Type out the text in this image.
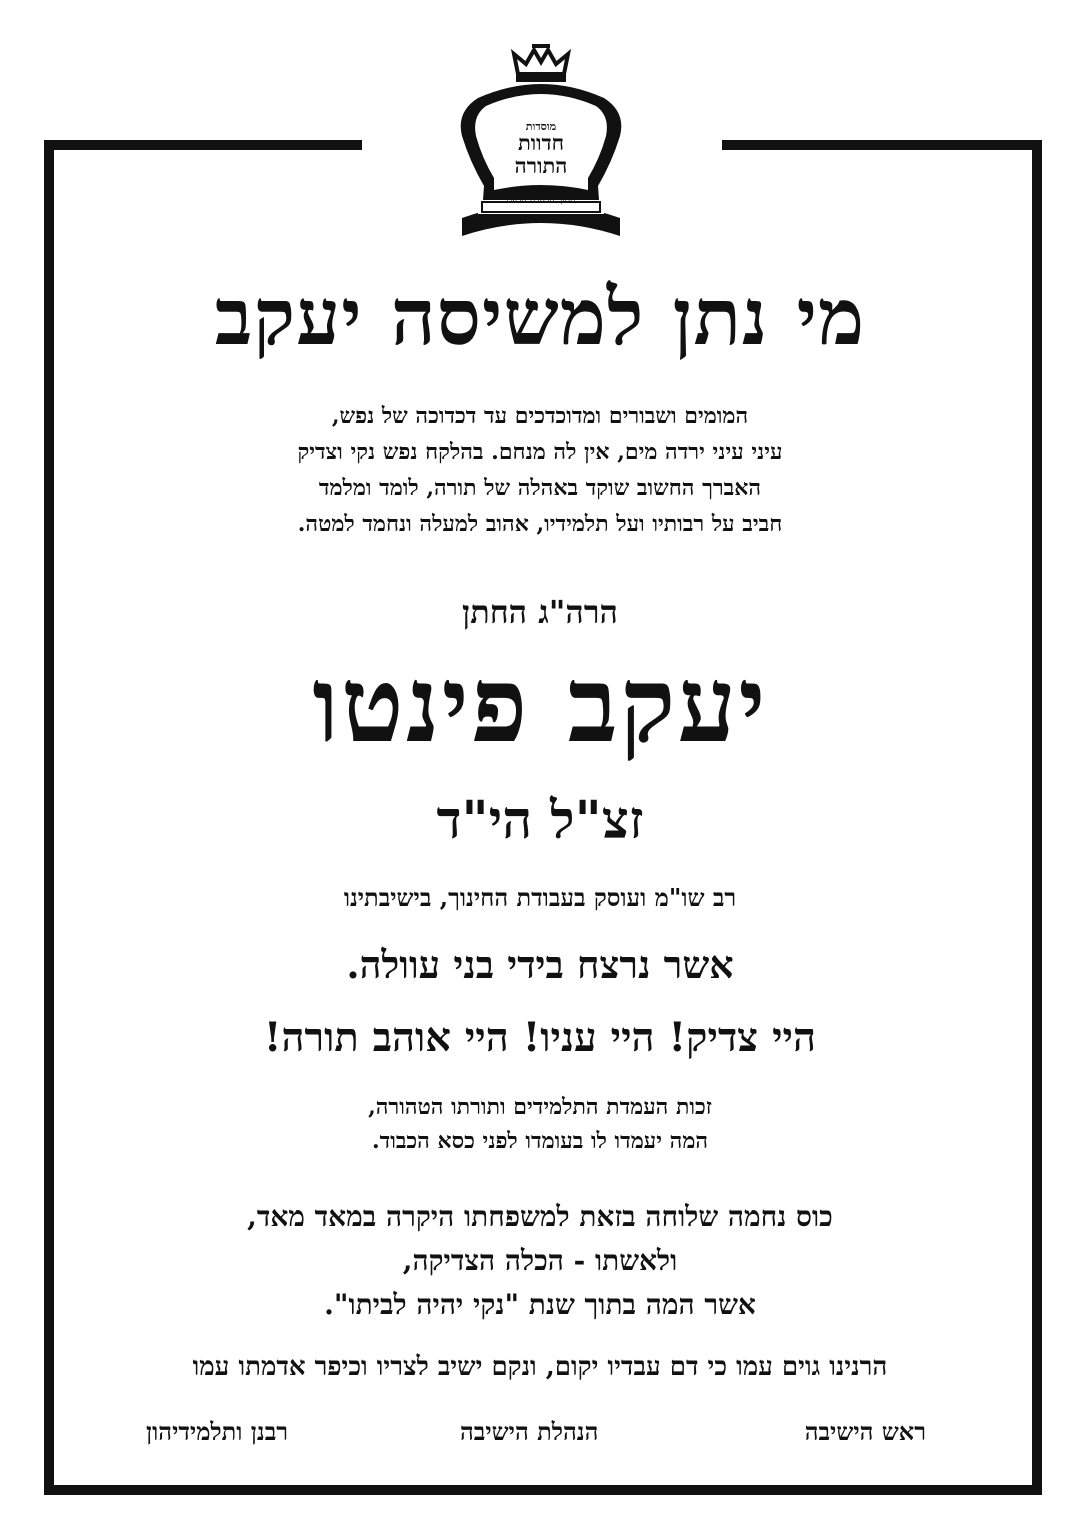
מוסדות
חדוות
התורה
תורה ומידות
מתוך הרחבת הדעת
מי נתן למשיסה יעקב
המומים ושבורים ומדוכדכים עד דכדוכה של נפש,
עיני עיני ירדה מים, אין לה מנחם. בהלקח נפש נקי וצדיק
האברך החשוב שוקד באהלה של תורה, לומד ומלמד
חביב על רבותיו ועל תלמידיו, אהוב למעלה ונחמד למטה.
הרה"ג החתן
יעקב פינטו
זצ"ל הי"ד
רב שו"מ ועוסק בעבודת החינוך, בישיבתינו
אשר נרצח בידי בני עוולה.
היי צדיק! היי עניו! היי אוהב תורה!
זכות העמדת התלמידים ותורתו הטהורה,
המה יעמדו לו בעומדו לפני כסא הכבוד.
כוס נחמה שלוחה בזאת למשפחתו היקרה במאד מאד,
ולאשתו - הכלה הצדיקה,
אשר המה בתוך שנת "נקי יהיה לביתו".
הרנינו גוים עמו כי דם עבדיו יקום, ונקם ישיב לצריו וכיפר אדמתו עמו
ראש הישיבה
הנהלת הישיבה
רבנן ותלמידיהון
